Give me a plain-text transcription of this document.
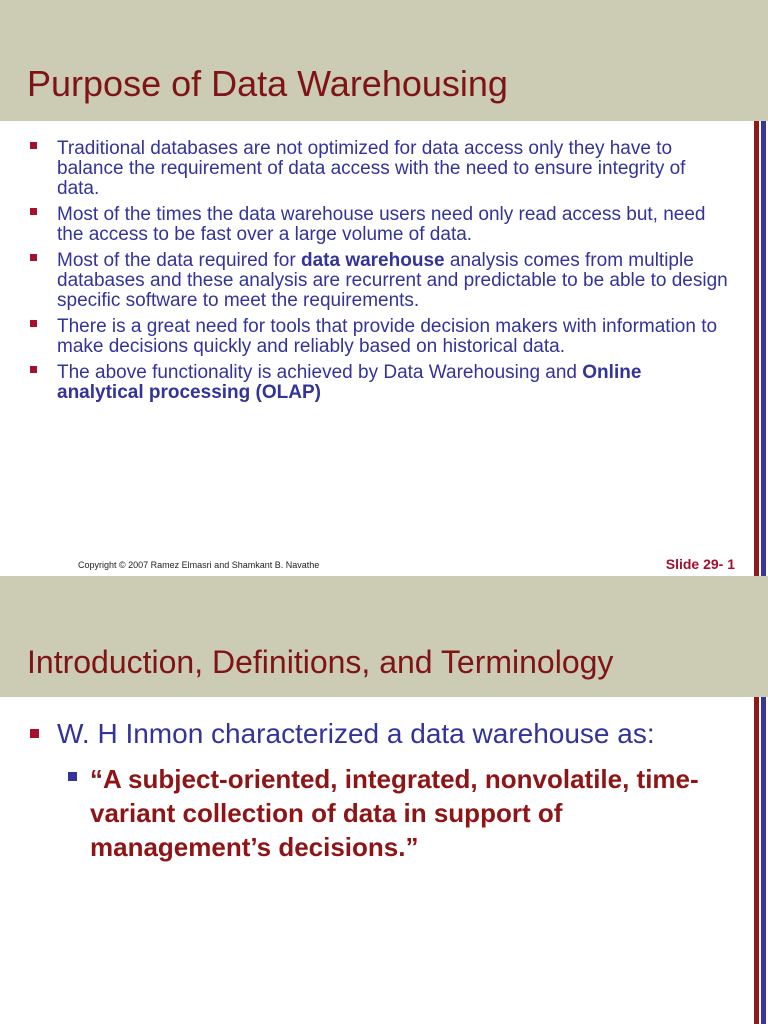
Purpose of Data Warehousing
Traditional databases are not optimized for data access only they have to balance the requirement of data access with the need to ensure integrity of data.
Most of the times the data warehouse users need only read access but, need the access to be fast over a large volume of data.
Most of the data required for data warehouse analysis comes from multiple databases and these analysis are recurrent and predictable to be able to design specific software to meet the requirements.
There is a great need for tools that provide decision makers with information to make decisions quickly and reliably based on historical data.
The above functionality is achieved by Data Warehousing and Online analytical processing (OLAP)
Copyright © 2007 Ramez Elmasri and Shamkant B. Navathe	Slide 29- 1
Introduction, Definitions, and Terminology
W. H Inmon characterized a data warehouse as:
“A subject-oriented, integrated, nonvolatile, time-variant collection of data in support of management’s decisions.”
